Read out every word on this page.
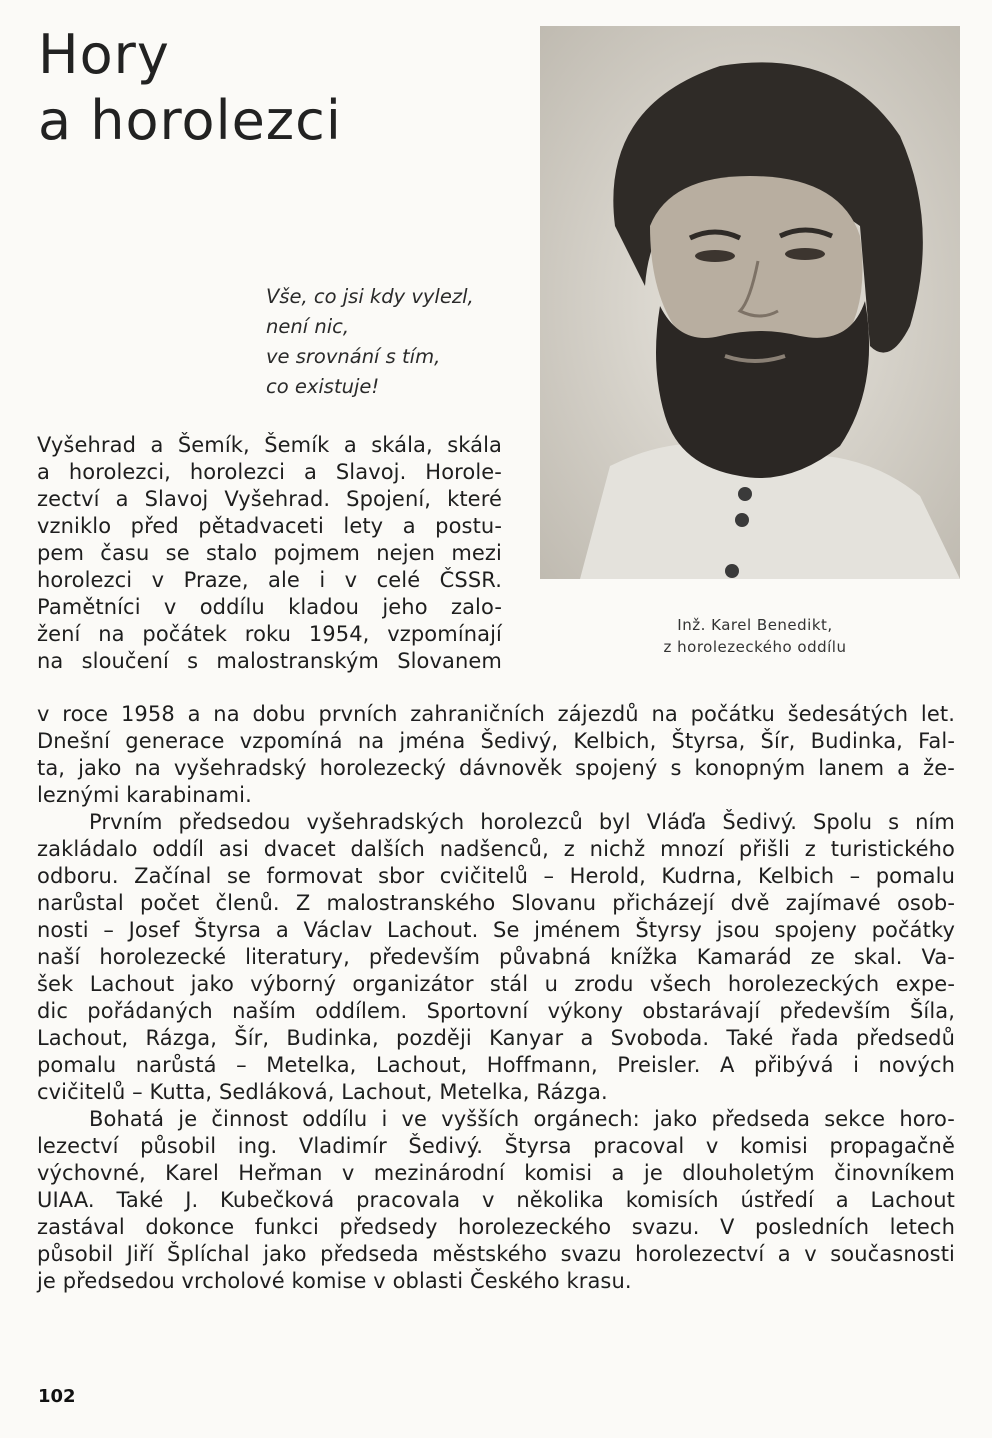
Hory
a horolezci
Vše, co jsi kdy vylezl,
není nic,
ve srovnání s tím,
co existuje!
Inž. Karel Benedikt,
z horolezeckého oddílu
Vyšehrad a Šemík, Šemík a skála, skála
a horolezci, horolezci a Slavoj. Horole-
zectví a Slavoj Vyšehrad. Spojení, které
vzniklo před pětadvaceti lety a postu-
pem času se stalo pojmem nejen mezi
horolezci v Praze, ale i v celé ČSSR.
Pamětníci v oddílu kladou jeho zalo-
žení na počátek roku 1954, vzpomínají
na sloučení s malostranským Slovanem
v roce 1958 a na dobu prvních zahraničních zájezdů na počátku šedesátých let.
Dnešní generace vzpomíná na jména Šedivý, Kelbich, Štyrsa, Šír, Budinka, Fal-
ta, jako na vyšehradský horolezecký dávnověk spojený s konopným lanem a že-
leznými karabinami.
Prvním předsedou vyšehradských horolezců byl Vláďa Šedivý. Spolu s ním
zakládalo oddíl asi dvacet dalších nadšenců, z nichž mnozí přišli z turistického
odboru. Začínal se formovat sbor cvičitelů – Herold, Kudrna, Kelbich – pomalu
narůstal počet členů. Z malostranského Slovanu přicházejí dvě zajímavé osob-
nosti – Josef Štyrsa a Václav Lachout. Se jménem Štyrsy jsou spojeny počátky
naší horolezecké literatury, především půvabná knížka Kamarád ze skal. Va-
šek Lachout jako výborný organizátor stál u zrodu všech horolezeckých expe-
dic pořádaných naším oddílem. Sportovní výkony obstarávají především Šíla,
Lachout, Rázga, Šír, Budinka, později Kanyar a Svoboda. Také řada předsedů
pomalu narůstá – Metelka, Lachout, Hoffmann, Preisler. A přibývá i nových
cvičitelů – Kutta, Sedláková, Lachout, Metelka, Rázga.
Bohatá je činnost oddílu i ve vyšších orgánech: jako předseda sekce horo-
lezectví působil ing. Vladimír Šedivý. Štyrsa pracoval v komisi propagačně
výchovné, Karel Heřman v mezinárodní komisi a je dlouholetým činovníkem
UIAA. Také J. Kubečková pracovala v několika komisích ústředí a Lachout
zastával dokonce funkci předsedy horolezeckého svazu. V posledních letech
působil Jiří Šplíchal jako předseda městského svazu horolezectví a v současnosti
je předsedou vrcholové komise v oblasti Českého krasu.
102
